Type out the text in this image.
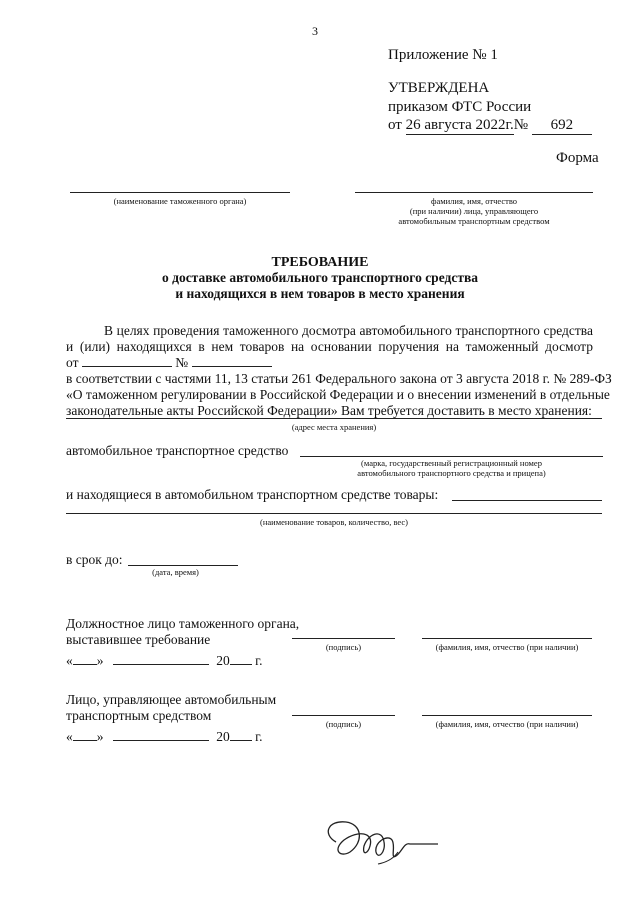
3
Приложение № 1
УТВЕРЖДЕНА
приказом ФТС России
от 26 августа 2022г.№ 692
Форма
(наименование таможенного органа)	фамилия, имя, отчество
(при наличии) лица, управляющего
автомобильным транспортным средством
ТРЕБОВАНИЕ
о доставке автомобильного транспортного средства
и находящихся в нем товаров в место хранения
В целях проведения таможенного досмотра автомобильного транспортного средства
и (или) находящихся в нем товаров на основании поручения на таможенный досмотр
от	№
в соответствии с частями 11, 13 статьи 261 Федерального закона от 3 августа 2018 г. № 289-ФЗ
«О таможенном регулировании в Российской Федерации и о внесении изменений в отдельные
законодательные акты Российской Федерации» Вам требуется доставить в место хранения:
(адрес места хранения)
автомобильное транспортное средство
(марка, государственный регистрационный номер
автомобильного транспортного средства и прицепа)
и находящиеся в автомобильном транспортном средстве товары:
(наименование товаров, количество, вес)
в срок до:
(дата, время)
Должностное лицо таможенного органа,
выставившее требование	(подпись)	(фамилия, имя, отчество (при наличии)
« »	20 г.
Лицо, управляющее автомобильным
транспортным средством
(подпись)	(фамилия, имя, отчество (при наличии)
« »	20 г.
